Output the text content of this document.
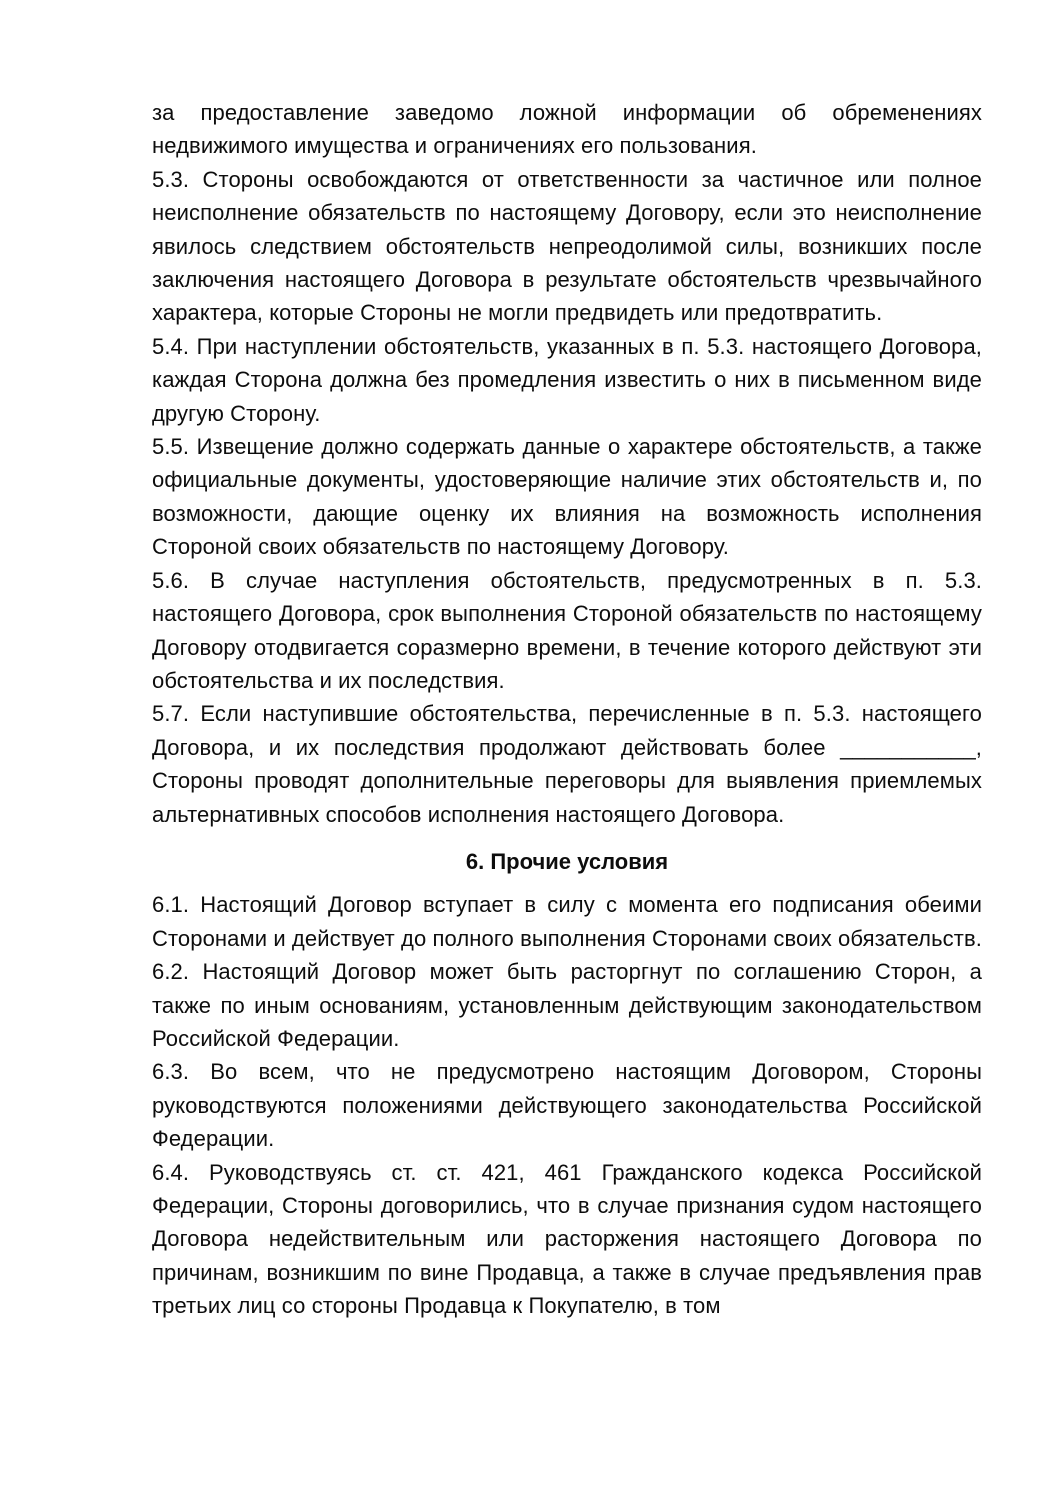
за предоставление заведомо ложной информации об обременениях недвижимого имущества и ограничениях его пользования.

5.3. Стороны освобождаются от ответственности за частичное или полное неисполнение обязательств по настоящему Договору, если это неисполнение явилось следствием обстоятельств непреодолимой силы, возникших после заключения настоящего Договора в результате обстоятельств чрезвычайного характера, которые Стороны не могли предвидеть или предотвратить.

5.4. При наступлении обстоятельств, указанных в п. 5.3. настоящего Договора, каждая Сторона должна без промедления известить о них в письменном виде другую Сторону.

5.5. Извещение должно содержать данные о характере обстоятельств, а также официальные документы, удостоверяющие наличие этих обстоятельств и, по возможности, дающие оценку их влияния на возможность исполнения Стороной своих обязательств по настоящему Договору.

5.6. В случае наступления обстоятельств, предусмотренных в п. 5.3. настоящего Договора, срок выполнения Стороной обязательств по настоящему Договору отодвигается соразмерно времени, в течение которого действуют эти обстоятельства и их последствия.

5.7. Если наступившие обстоятельства, перечисленные в п. 5.3. настоящего Договора, и их последствия продолжают действовать более ___________, Стороны проводят дополнительные переговоры для выявления приемлемых альтернативных способов исполнения настоящего Договора.

6. Прочие условия

6.1. Настоящий Договор вступает в силу с момента его подписания обеими Сторонами и действует до полного выполнения Сторонами своих обязательств.

6.2. Настоящий Договор может быть расторгнут по соглашению Сторон, а также по иным основаниям, установленным действующим законодательством Российской Федерации.

6.3. Во всем, что не предусмотрено настоящим Договором, Стороны руководствуются положениями действующего законодательства Российской Федерации.

6.4. Руководствуясь ст. ст. 421, 461 Гражданского кодекса Российской Федерации, Стороны договорились, что в случае признания судом настоящего Договора недействительным или расторжения настоящего Договора по причинам, возникшим по вине Продавца, а также в случае предъявления прав третьих лиц со стороны Продавца к Покупателю, в том
